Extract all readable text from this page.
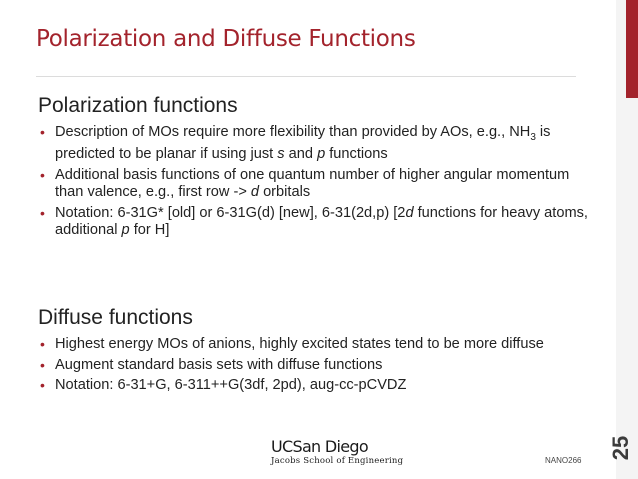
Polarization and Diffuse Functions
Polarization functions
• Description of MOs require more flexibility than provided by AOs, e.g., $NH_3$ is predicted to be planar if using just s and p functions
• Additional basis functions of one quantum number of higher angular momentum than valence, e.g., first row -> d orbitals
• Notation: 6-31G* [old] or 6-31G(d) [new], 6-31(2d,p) [2d functions for heavy atoms, additional p for H]
Diffuse functions
• Highest energy MOs of anions, highly excited states tend to be more diffuse
• Augment standard basis sets with diffuse functions
• Notation: 6-31+G, 6-311++G(3df, 2pd), aug-cc-pCVDZ
UCSan Diego
Jacobs School of Engineering	NANO266
25
